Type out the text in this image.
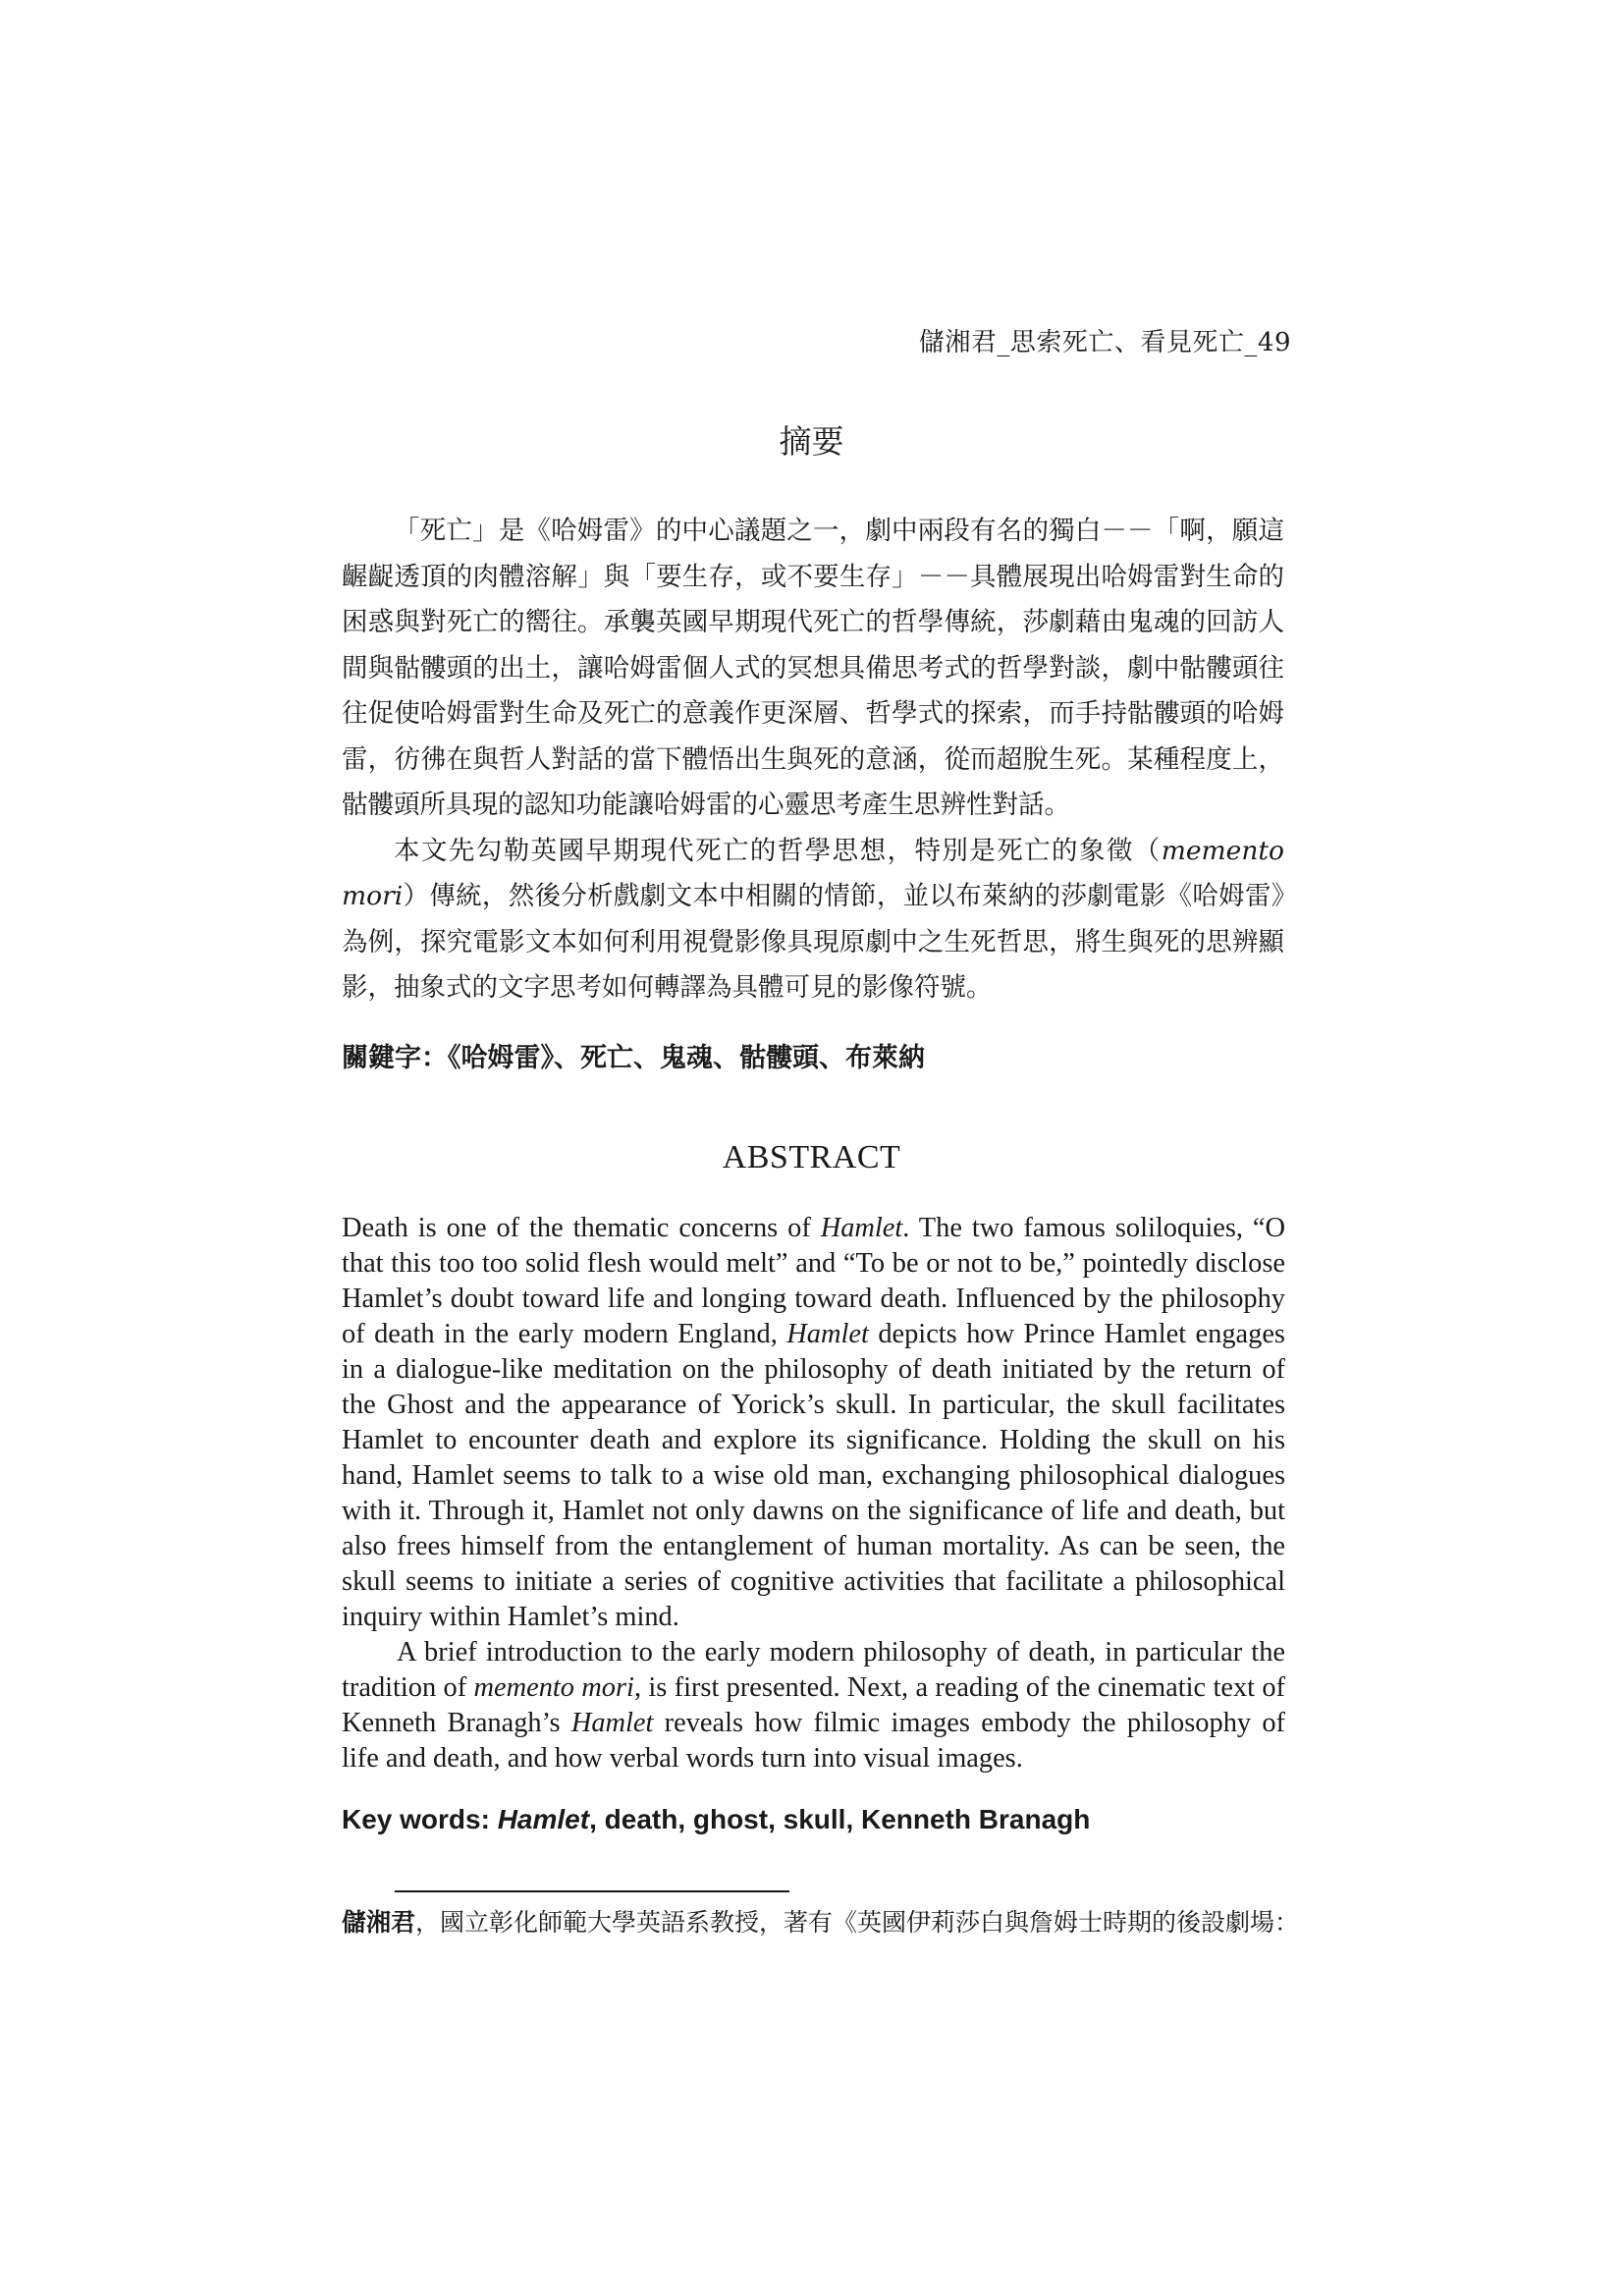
儲湘君_思索死亡、看見死亡_49
摘要

「死亡」是《哈姆雷》的中心議題之一，劇中兩段有名的獨白－－「啊，願這齷齪透頂的肉體溶解」與「要生存，或不要生存」－－具體展現出哈姆雷對生命的困惑與對死亡的嚮往。承襲英國早期現代死亡的哲學傳統，莎劇藉由鬼魂的回訪人間與骷髏頭的出土，讓哈姆雷個人式的冥想具備思考式的哲學對談，劇中骷髏頭往往促使哈姆雷對生命及死亡的意義作更深層、哲學式的探索，而手持骷髏頭的哈姆雷，彷彿在與哲人對話的當下體悟出生與死的意涵，從而超脫生死。某種程度上，骷髏頭所具現的認知功能讓哈姆雷的心靈思考產生思辨性對話。

本文先勾勒英國早期現代死亡的哲學思想，特別是死亡的象徵（memento mori）傳統，然後分析戲劇文本中相關的情節，並以布萊納的莎劇電影《哈姆雷》為例，探究電影文本如何利用視覺影像具現原劇中之生死哲思，將生與死的思辨顯影，抽象式的文字思考如何轉譯為具體可見的影像符號。

關鍵字：《哈姆雷》、死亡、鬼魂、骷髏頭、布萊納
ABSTRACT

Death is one of the thematic concerns of Hamlet. The two famous soliloquies, “O that this too too solid flesh would melt” and “To be or not to be,” pointedly disclose Hamlet’s doubt toward life and longing toward death. Influenced by the philosophy of death in the early modern England, Hamlet depicts how Prince Hamlet engages in a dialogue-like meditation on the philosophy of death initiated by the return of the Ghost and the appearance of Yorick’s skull. In particular, the skull facilitates Hamlet to encounter death and explore its significance. Holding the skull on his hand, Hamlet seems to talk to a wise old man, exchanging philosophical dialogues with it. Through it, Hamlet not only dawns on the significance of life and death, but also frees himself from the entanglement of human mortality. As can be seen, the skull seems to initiate a series of cognitive activities that facilitate a philosophical inquiry within Hamlet’s mind.

A brief introduction to the early modern philosophy of death, in particular the tradition of memento mori, is first presented. Next, a reading of the cinematic text of Kenneth Branagh’s Hamlet reveals how filmic images embody the philosophy of life and death, and how verbal words turn into visual images.

Key words: Hamlet, death, ghost, skull, Kenneth Branagh
儲湘君，國立彰化師範大學英語系教授，著有《英國伊莉莎白與詹姆士時期的後設劇場：
